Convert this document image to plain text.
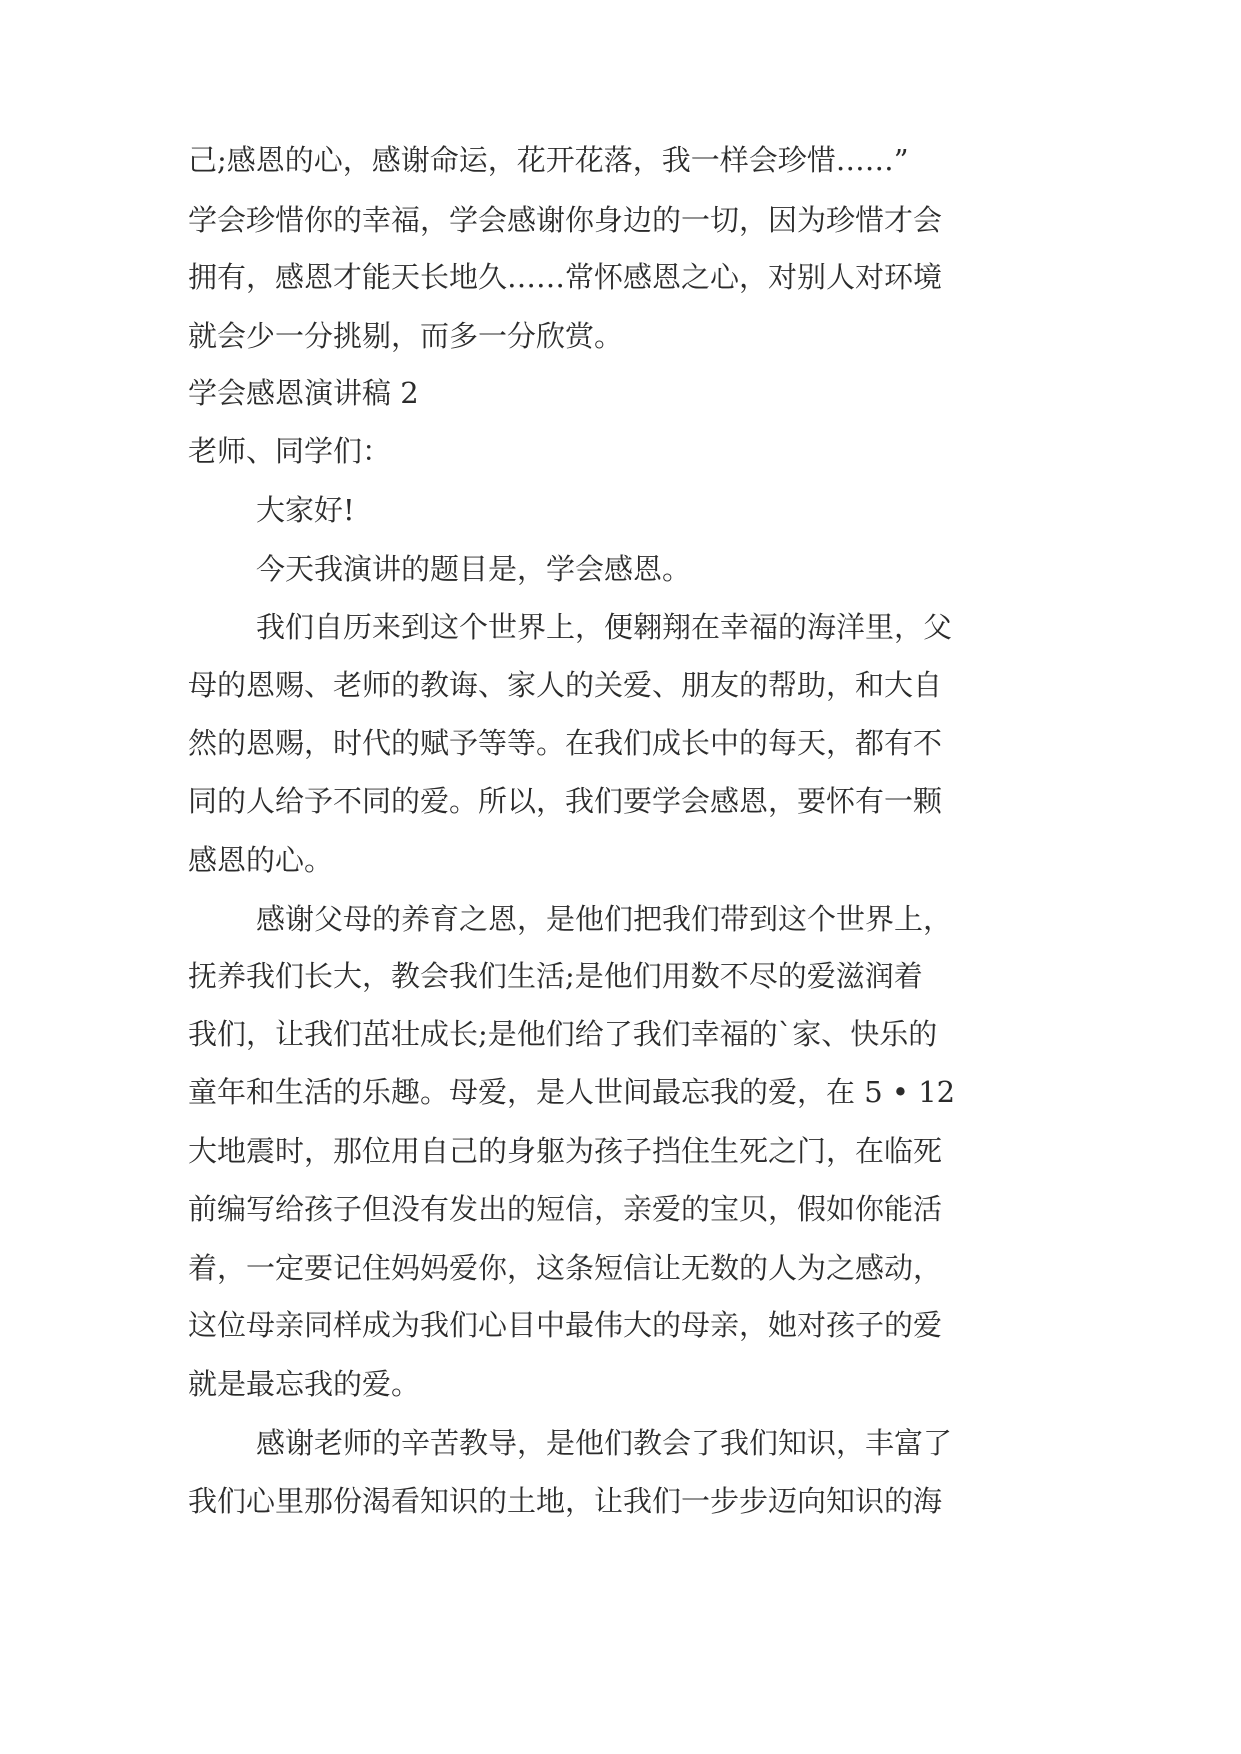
己;感恩的心，感谢命运，花开花落，我一样会珍惜……”
学会珍惜你的幸福，学会感谢你身边的一切，因为珍惜才会
拥有，感恩才能天长地久……常怀感恩之心，对别人对环境
就会少一分挑剔，而多一分欣赏。
学会感恩演讲稿 2
老师、同学们：
大家好!
今天我演讲的题目是，学会感恩。
我们自历来到这个世界上，便翱翔在幸福的海洋里，父
母的恩赐、老师的教诲、家人的关爱、朋友的帮助，和大自
然的恩赐，时代的赋予等等。在我们成长中的每天，都有不
同的人给予不同的爱。所以，我们要学会感恩，要怀有一颗
感恩的心。
感谢父母的养育之恩，是他们把我们带到这个世界上，
抚养我们长大，教会我们生活;是他们用数不尽的爱滋润着
我们，让我们茁壮成长;是他们给了我们幸福的`家、快乐的
童年和生活的乐趣。母爱，是人世间最忘我的爱，在 5 • 12
大地震时，那位用自己的身躯为孩子挡住生死之门，在临死
前编写给孩子但没有发出的短信，亲爱的宝贝，假如你能活
着，一定要记住妈妈爱你，这条短信让无数的人为之感动，
这位母亲同样成为我们心目中最伟大的母亲，她对孩子的爱
就是最忘我的爱。
感谢老师的辛苦教导，是他们教会了我们知识，丰富了
我们心里那份渴看知识的土地，让我们一步步迈向知识的海
